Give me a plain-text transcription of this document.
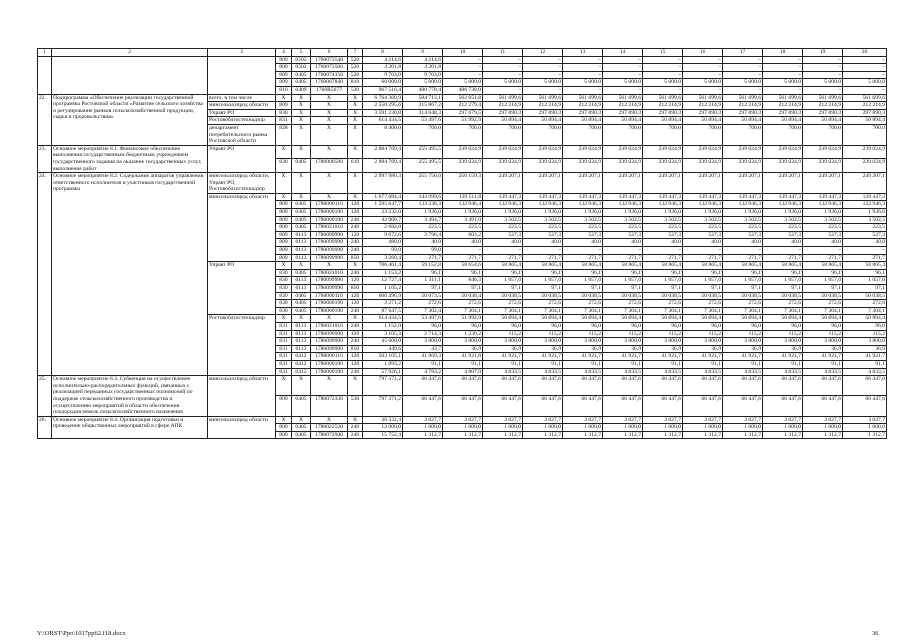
1	2	3	4	5	6	7	8	9	10	11	12	13	14	15	16	17	18	19	20
			809	0502	1760073540	520	4 214,6	4 214,6	–	–	–	–	–	–	–	–	–	–	–
			809	0502	1760073560	520	4 201,8	4 201,8	–	–	–	–	–	–	–	–	–	–	–
			809	0405	1760074350	520	9 703,9	9 703,9	–	–	–	–	–	–	–	–	–	–	–
			809	0405	1760067840	810	60 000,0	5 000,0	5 000,0	5 000,0	5 000,0	5 000,0	5 000,0	5 000,0	5 000,0	5 000,0	5 000,0	5 000,0	5 000,0
			810	0409	1760R5677	520	967 516,4	480 778,4	486 738,0	–	–	–	–	–	–	–	–	–	–
22.	Подпрограмма «Обеспечение реализации государственной программы Ростовской области «Развитие сельского хозяйства и регулирование рынков сельскохозяйственной продукции, сырья и продовольствия»	всего, в том числе	Х	Х	Х	Х	6 764 360,9	584 713,1	562 651,8	561 699,6	561 699,6	561 699,6	561 699,6	561 699,6	561 699,6	561 699,6	561 699,6	561 699,6	561 699,6
		минсельхозпрод области	809	Х	Х	Х	2 550 295,6	215 867,2	212 279,4	212 214,9	212 214,9	212 214,9	212 214,9	212 214,9	212 214,9	212 214,9	212 214,9	212 214,9	212 214,9
		Управт РО	830	Х	Х	Х	3 591 230,8	314 648,3	297 679,5	297 890,3	297 890,3	297 890,3	297 890,3	297 890,3	297 890,3	297 890,3	297 890,3	297 890,3	297 890,3
		Ростовоблгостехнадзор	831	Х	Х	Х	614 434,5	53 497,6	51 992,9	50 894,4	50 894,4	50 894,4	50 894,4	50 894,4	50 894,4	50 894,4	50 894,4	50 894,4	50 894,4
		департамент потребительского рынка Ростовской области	828	Х	Х	Х	8 400,0	700,0	700,0	700,0	700,0	700,0	700,0	700,0	700,0	700,0	700,0	700,0	700,0
23.	Основное мероприятие 8.1. Финансовое обеспечение выполнения государственным бюджетным учреждением государственного задания на оказание государственных услуг, выполнение работ	Управт РО	Х	Х	Х	Х	2 884 769,4	255 495,5	239 024,9	239 024,9	239 024,9	239 024,9	239 024,9	239 024,9	239 024,9	239 024,9	239 024,9	239 024,9	239 024,9
			830	0405	1780000590	610	2 884 769,4	255 495,5	239 024,9	239 024,9	239 024,9	239 024,9	239 024,9	239 024,9	239 024,9	239 024,9	239 024,9	239 024,9	239 024,9
24.	Основное мероприятие 8.2. Содержание аппаратов управления ответственного исполнителя и участников государственной программы	минсельхозпрод области, Управт РО, Ростовоблгостехнадзор	Х	Х	Х	Х	2 997 980,3	255 750,0	250 159,3	249 207,1	249 207,1	249 207,1	249 207,1	249 207,1	249 207,1	249 207,1	249 207,1	249 207,1	249 207,1
		минсельхозпрод области	Х	Х	Х	Х	1 677 084,4	143 099,6	139 511,8	139 447,3	139 447,3	139 447,3	139 447,3	139 447,3	139 447,3	139 447,3	139 447,3	139 447,3	139 447,3
			809	0405	1780000110	120	1 595 647,7	133 238,3	132 946,4	132 946,3	132 946,3	132 946,3	132 946,3	132 946,3	132 946,3	132 946,3	132 946,3	132 946,3	132 946,3
			809	0405	1780000190	120	23 232,0	1 936,0	1 936,0	1 936,0	1 936,0	1 936,0	1 936,0	1 936,0	1 936,0	1 936,0	1 936,0	1 936,0	1 936,0
			809	0405	1780000190	240	42 000,7	3 494,7	3 491,0	3 502,5	3 502,5	3 502,5	3 502,5	3 502,5	3 502,5	3 502,5	3 502,5	3 502,5	3 502,5
			809	0405	1780021010	240	2 682,0	223,5	223,5	223,5	223,5	223,5	223,5	223,5	223,5	223,5	223,5	223,5	223,5
			809	0113	1780099990	120	9 672,6	3 796,4	603,2	527,3	527,3	527,3	527,3	527,3	527,3	527,3	527,3	527,3	527,3
			809	0113	1780099990	240	480,0	40,0	40,0	40,0	40,0	40,0	40,0	40,0	40,0	40,0	40,0	40,0	40,0
			809	0113	1780099990	240	99,0	99,0	–	–	–	–	–	–	–	–	–	–	–
			809	0113	1780099990	850	3 260,4	271,7	271,7	271,7	271,7	271,7	271,7	271,7	271,7	271,7	271,7	271,7	271,7
		Управт РО	Х	Х	Х	Х	706 461,4	59 152,8	58 654,6	58 865,4	58 865,4	58 865,4	58 865,4	58 865,4	58 865,4	58 865,4	58 865,4	58 865,4	58 865,4
			830	0405	1780021010	240	1 153,2	96,1	96,1	96,1	96,1	96,1	96,1	96,1	96,1	96,1	96,1	96,1	96,1
			830	0113	1780099990	120	12 727,4	1 311,1	846,3	1 057,0	1 057,0	1 057,0	1 057,0	1 057,0	1 057,0	1 057,0	1 057,0	1 057,0	1 057,0
			830	0113	1780099990	850	1 165,2	97,1	97,1	97,1	97,1	97,1	97,1	97,1	97,1	97,1	97,1	97,1	97,1
			830	0405	1780000110	120	600 496,9	50 073,5	50 038,4	50 038,5	50 038,5	50 038,5	50 038,5	50 038,5	50 038,5	50 038,5	50 038,5	50 038,5	50 038,5
			830	0405	1780000190	120	3 271,2	272,6	272,6	272,6	272,6	272,6	272,6	272,6	272,6	272,6	272,6	272,6	272,6
			830	0405	1780000190	240	87 647,5	7 302,4	7 304,1	7 304,1	7 304,1	7 304,1	7 304,1	7 304,1	7 304,1	7 304,1	7 304,1	7 304,1	7 304,1
		Ростовоблгостехнадзор	Х	Х	Х	Х	614 434,5	53 497,6	51 992,9	50 894,4	50 894,4	50 894,4	50 894,4	50 894,4	50 894,4	50 894,4	50 894,4	50 894,4	50 894,4
			831	0113	1780021010	240	1 152,0	96,0	96,0	96,0	96,0	96,0	96,0	96,0	96,0	96,0	96,0	96,0	96,0
			831	0113	1780099990	120	3 105,3	2 714,3	1 239,2	115,2	115,2	115,2	115,2	115,2	115,2	115,2	115,2	115,2	115,2
			831	0113	1780099990	240	45 600,0	3 800,0	3 800,0	3 800,0	3 800,0	3 800,0	3 800,0	3 800,0	3 800,0	3 800,0	3 800,0	3 800,0	3 800,0
			831	0113	1780099990	850	449,6	43,7	36,9	36,9	36,9	36,9	36,9	36,9	36,9	36,9	36,9	36,9	36,9
			831	0412	1780000110	120	503 105,1	41 969,3	41 921,8	41 921,7	41 921,7	41 921,7	41 921,7	41 921,7	41 921,7	41 921,7	41 921,7	41 921,7	41 921,7
			831	0412	1780000190	120	1 093,2	91,1	91,1	91,1	91,1	91,1	91,1	91,1	91,1	91,1	91,1	91,1	91,1
			831	0412	1780000190	240	57 926,1	4 783,2	4 807,9	4 833,5	4 833,5	4 833,5	4 833,5	4 833,5	4 833,5	4 833,5	4 833,5	4 833,5	4 833,5
25.	Основное мероприятие 8.3. Субвенция на осуществление исполнительно-распорядительных функций, связанных с реализацией переданных государственных полномочий по поддержке сельскохозяйственного производства и осуществлению мероприятий в области обеспечения плодородия земель сельскохозяйственного назначения	минсельхозпрод области	Х	Х	Х	Х	797 371,2	66 447,6	66 447,6	66 447,6	66 447,6	66 447,6	66 447,6	66 447,6	66 447,6	66 447,6	66 447,6	66 447,6	66 447,6
			809	0405	1780072330	530	797 371,2	66 447,6	66 447,6	66 447,6	66 447,6	66 447,6	66 447,6	66 447,6	66 447,6	66 447,6	66 447,6	66 447,6	66 447,6
26.	Основное мероприятие 8.4. Организация подготовки и проведение общественных мероприятий в сфере АПК	минсельхозпрод области	Х	Х	Х	Х	36 332,4	3 027,7	3 027,7	3 027,7	3 027,7	3 027,7	3 027,7	3 027,7	3 027,7	3 027,7	3 027,7	3 027,7	3 027,7
			809	0405	1780022520	240	12 000,0	1 000,0	1 000,0	1 000,0	1 000,0	1 000,0	1 000,0	1 000,0	1 000,0	1 000,0	1 000,0	1 000,0	1 000,0
			809	0405	1780072930	240	15 752,4	1 312,7	1 312,7	1 312,7	1 312,7	1 312,7	1 312,7	1 312,7	1 312,7	1 312,7	1 312,7	1 312,7	1 312,7
Y:\ORST\Ppo\1017pp62.f18.docx	36
